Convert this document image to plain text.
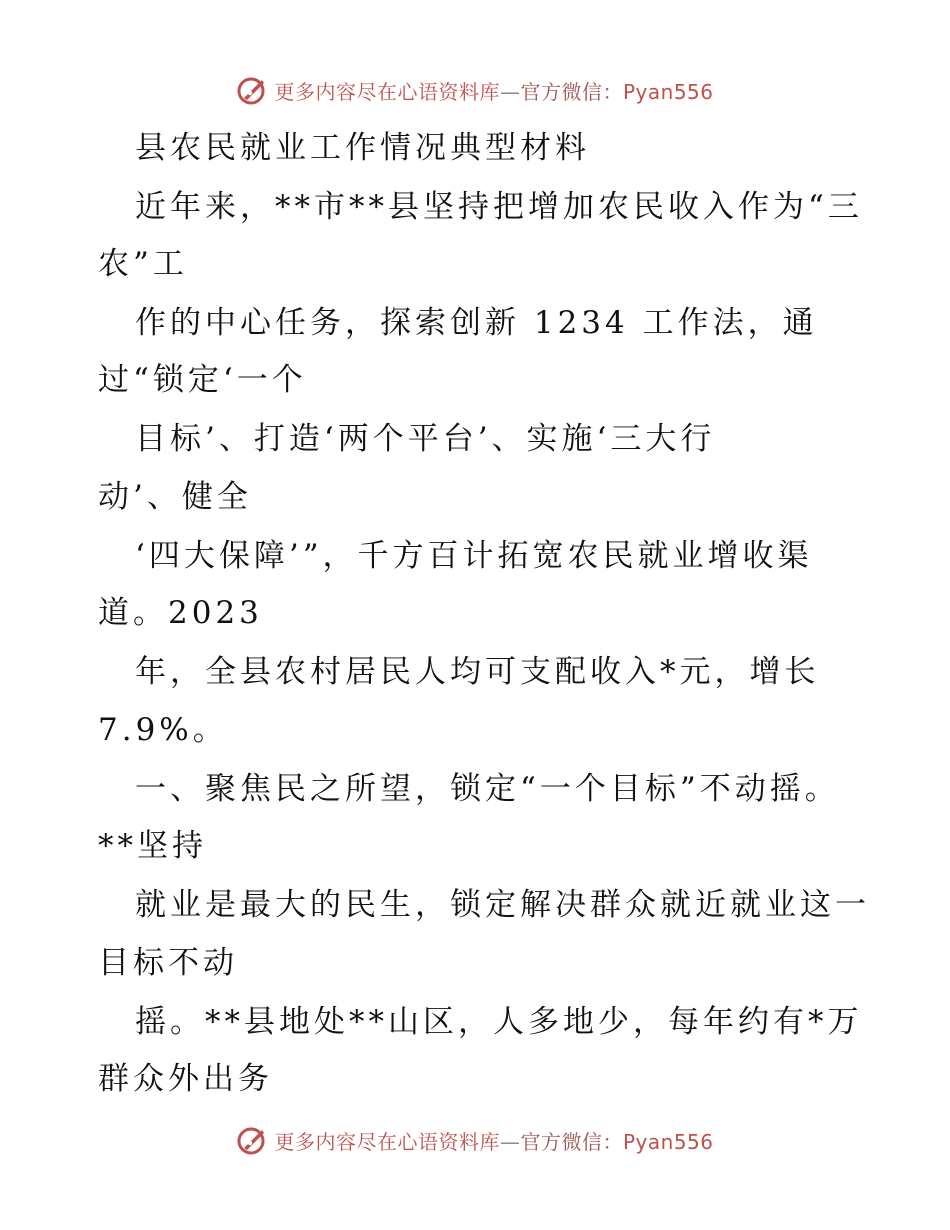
更多内容尽在心语资料库—官方微信：Pyan556
县农民就业工作情况典型材料
近年来，**市**县坚持把增加农民收入作为“三
农”工
作的中心任务，探索创新 1234 工作法，通
过“锁定‘一个
目标’、打造‘两个平台’、实施‘三大行
动’、健全
‘四大保障’”，千方百计拓宽农民就业增收渠
道。2023
年，全县农村居民人均可支配收入*元，增长
7.9%。
一、聚焦民之所望，锁定“一个目标”不动摇。
**坚持
就业是最大的民生，锁定解决群众就近就业这一
目标不动
摇。**县地处**山区，人多地少，每年约有*万
群众外出务
更多内容尽在心语资料库—官方微信：Pyan556
